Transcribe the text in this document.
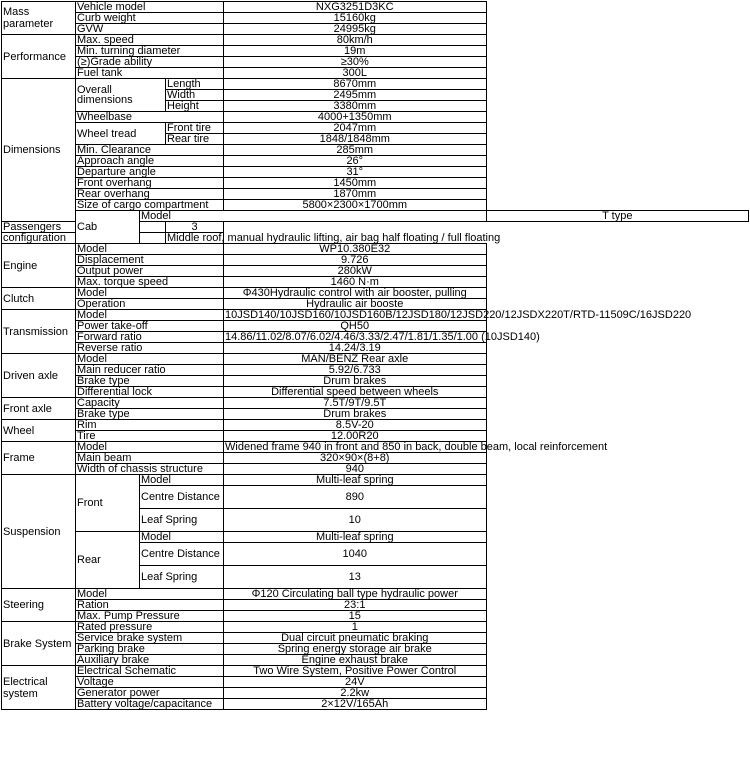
Mass parameter	Vehicle model			NXG3251D3KC	
	Curb weight			15160kg	
	GVW			24995kg	
Performance	Max. speed			80km/h	
	Min. turning diameter			19m	
	(≥)Grade ability			≥30%	
	Fuel tank			300L	
Dimensions	Overall dimensions		Length	8670mm	
			Width	2495mm	
			Height	3380mm	
	Wheelbase			4000+1350mm	
	Wheel tread		Front tire	2047mm	
			Rear tire	1848/1848mm	
	Min. Clearance			285mm	
	Approach angle			26°	
	Departure angle			31°	
	Front overhang			1450mm	
	Rear overhang			1870mm	
	Size of cargo compartment			5800×2300×1700mm	
	Cab	Model			T type
Passengers			3		
configuration			Middle roof, manual hydraulic lifting, air bag half floating / full floating		
Engine	Model			WP10.380E32	
	Displacement			9.726	
	Output power			280kW	
	Max. torque speed			1460 N·m	
Clutch	Model			Φ430Hydraulic control with air booster, pulling	
	Operation			Hydraulic air booste	
Transmission	Model			10JSD140/10JSD160/10JSD160B/12JSD180/12JSD220/12JSDX220T/RTD-11509C/16JSD220	
	Power take-off			QH50	
	Forward ratio			14.86/11.02/8.07/6.02/4.46/3.33/2.47/1.81/1.35/1.00 (10JSD140)	
	Reverse ratio			14.24/3.19	
Driven axle	Model			MAN/BENZ Rear axle	
	Main reducer ratio			5.92/6.733	
	Brake type			Drum brakes	
	Differential lock			Differential speed between wheels	
Front axle	Capacity			7.5T/9T/9.5T	
	Brake type			Drum brakes	
Wheel	Rim			8.5V-20	
	Tire			12.00R20	
Frame	Model			Widened frame 940 in front and 850 in back, double beam, local reinforcement	
	Main beam			320×90×(8+8)	
	Width of chassis structure			940	
Suspension	Front	Model		Multi-leaf spring	
		Centre Distance		890	
		Leaf Spring		10	
	Rear	Model		Multi-leaf spring	
		Centre Distance		1040	
		Leaf Spring		13	
Steering	Model			Φ120 Circulating ball type hydraulic power	
	Ration			23:1	
	Max. Pump Pressure			15	
Brake System	Rated pressure			1	
	Service brake system			Dual circuit pneumatic braking	
	Parking brake			Spring energy storage air brake	
	Auxiliary brake			Engine exhaust brake	
Electrical system	Electrical Schematic			Two Wire System, Positive Power Control	
	Voltage			24V	
	Generator power			2.2kw	
	Battery voltage/capacitance			2×12V/165Ah	
